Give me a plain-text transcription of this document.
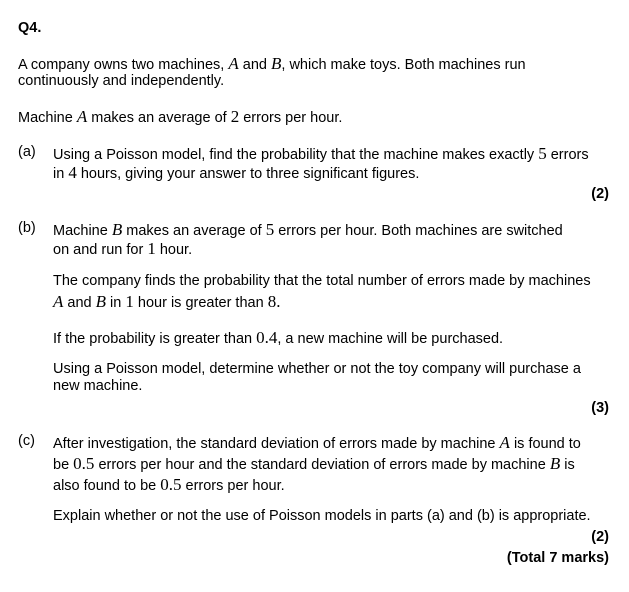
Q4.
A company owns two machines, A and B, which make toys. Both machines run
continuously and independently.
Machine A makes an average of 2 errors per hour.
(a) Using a Poisson model, find the probability that the machine makes exactly 5 errors
in 4 hours, giving your answer to three significant figures.
(2)
(b) Machine B makes an average of 5 errors per hour. Both machines are switched
on and run for 1 hour.
The company finds the probability that the total number of errors made by machines
A and B in 1 hour is greater than 8.
If the probability is greater than 0.4, a new machine will be purchased.
Using a Poisson model, determine whether or not the toy company will purchase a
new machine.
(3)
(c) After investigation, the standard deviation of errors made by machine A is found to
be 0.5 errors per hour and the standard deviation of errors made by machine B is
also found to be 0.5 errors per hour.
Explain whether or not the use of Poisson models in parts (a) and (b) is appropriate.
(2)
(Total 7 marks)
